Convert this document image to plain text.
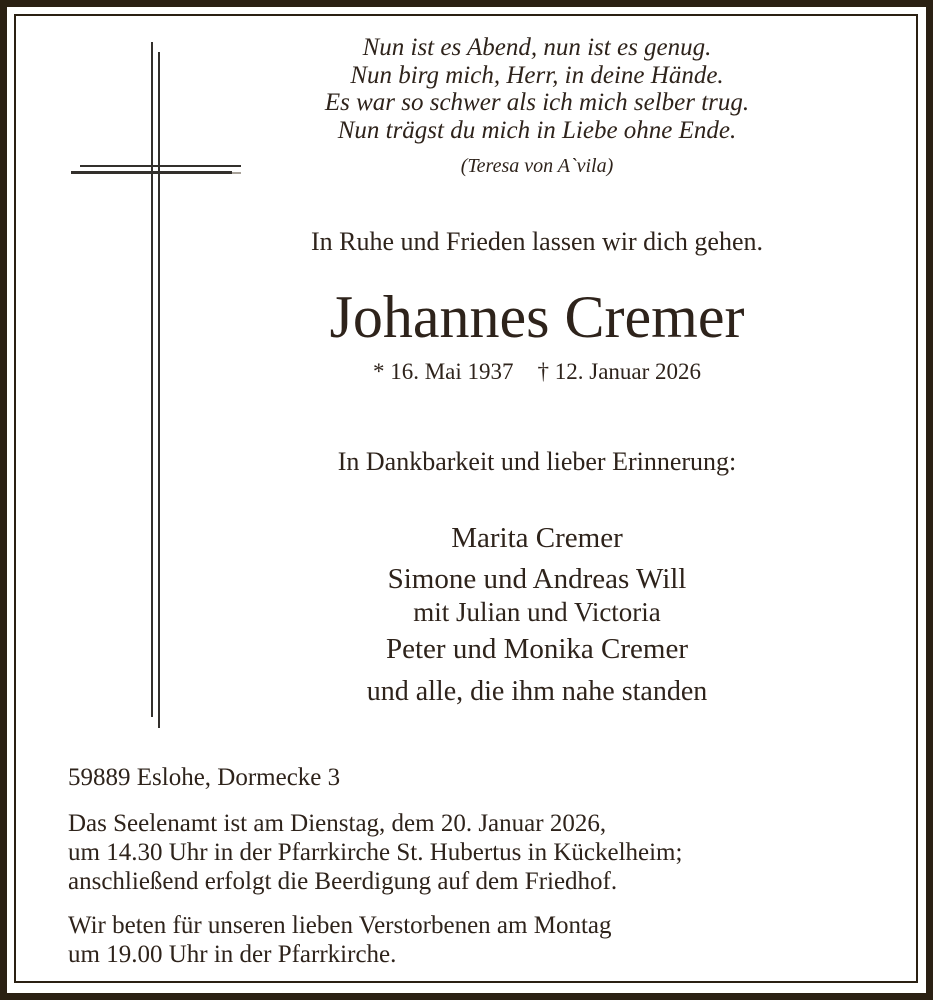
Nun ist es Abend, nun ist es genug.
Nun birg mich, Herr, in deine Hände.
Es war so schwer als ich mich selber trug.
Nun trägst du mich in Liebe ohne Ende.
(Teresa von A`vila)
In Ruhe und Frieden lassen wir dich gehen.
Johannes Cremer
* 16. Mai 1937 † 12. Januar 2026
In Dankbarkeit und lieber Erinnerung:
Marita Cremer
Simone und Andreas Will
mit Julian und Victoria
Peter und Monika Cremer
und alle, die ihm nahe standen
59889 Eslohe, Dormecke 3
Das Seelenamt ist am Dienstag, dem 20. Januar 2026,
um 14.30 Uhr in der Pfarrkirche St. Hubertus in Kückelheim;
anschließend erfolgt die Beerdigung auf dem Friedhof.
Wir beten für unseren lieben Verstorbenen am Montag
um 19.00 Uhr in der Pfarrkirche.
